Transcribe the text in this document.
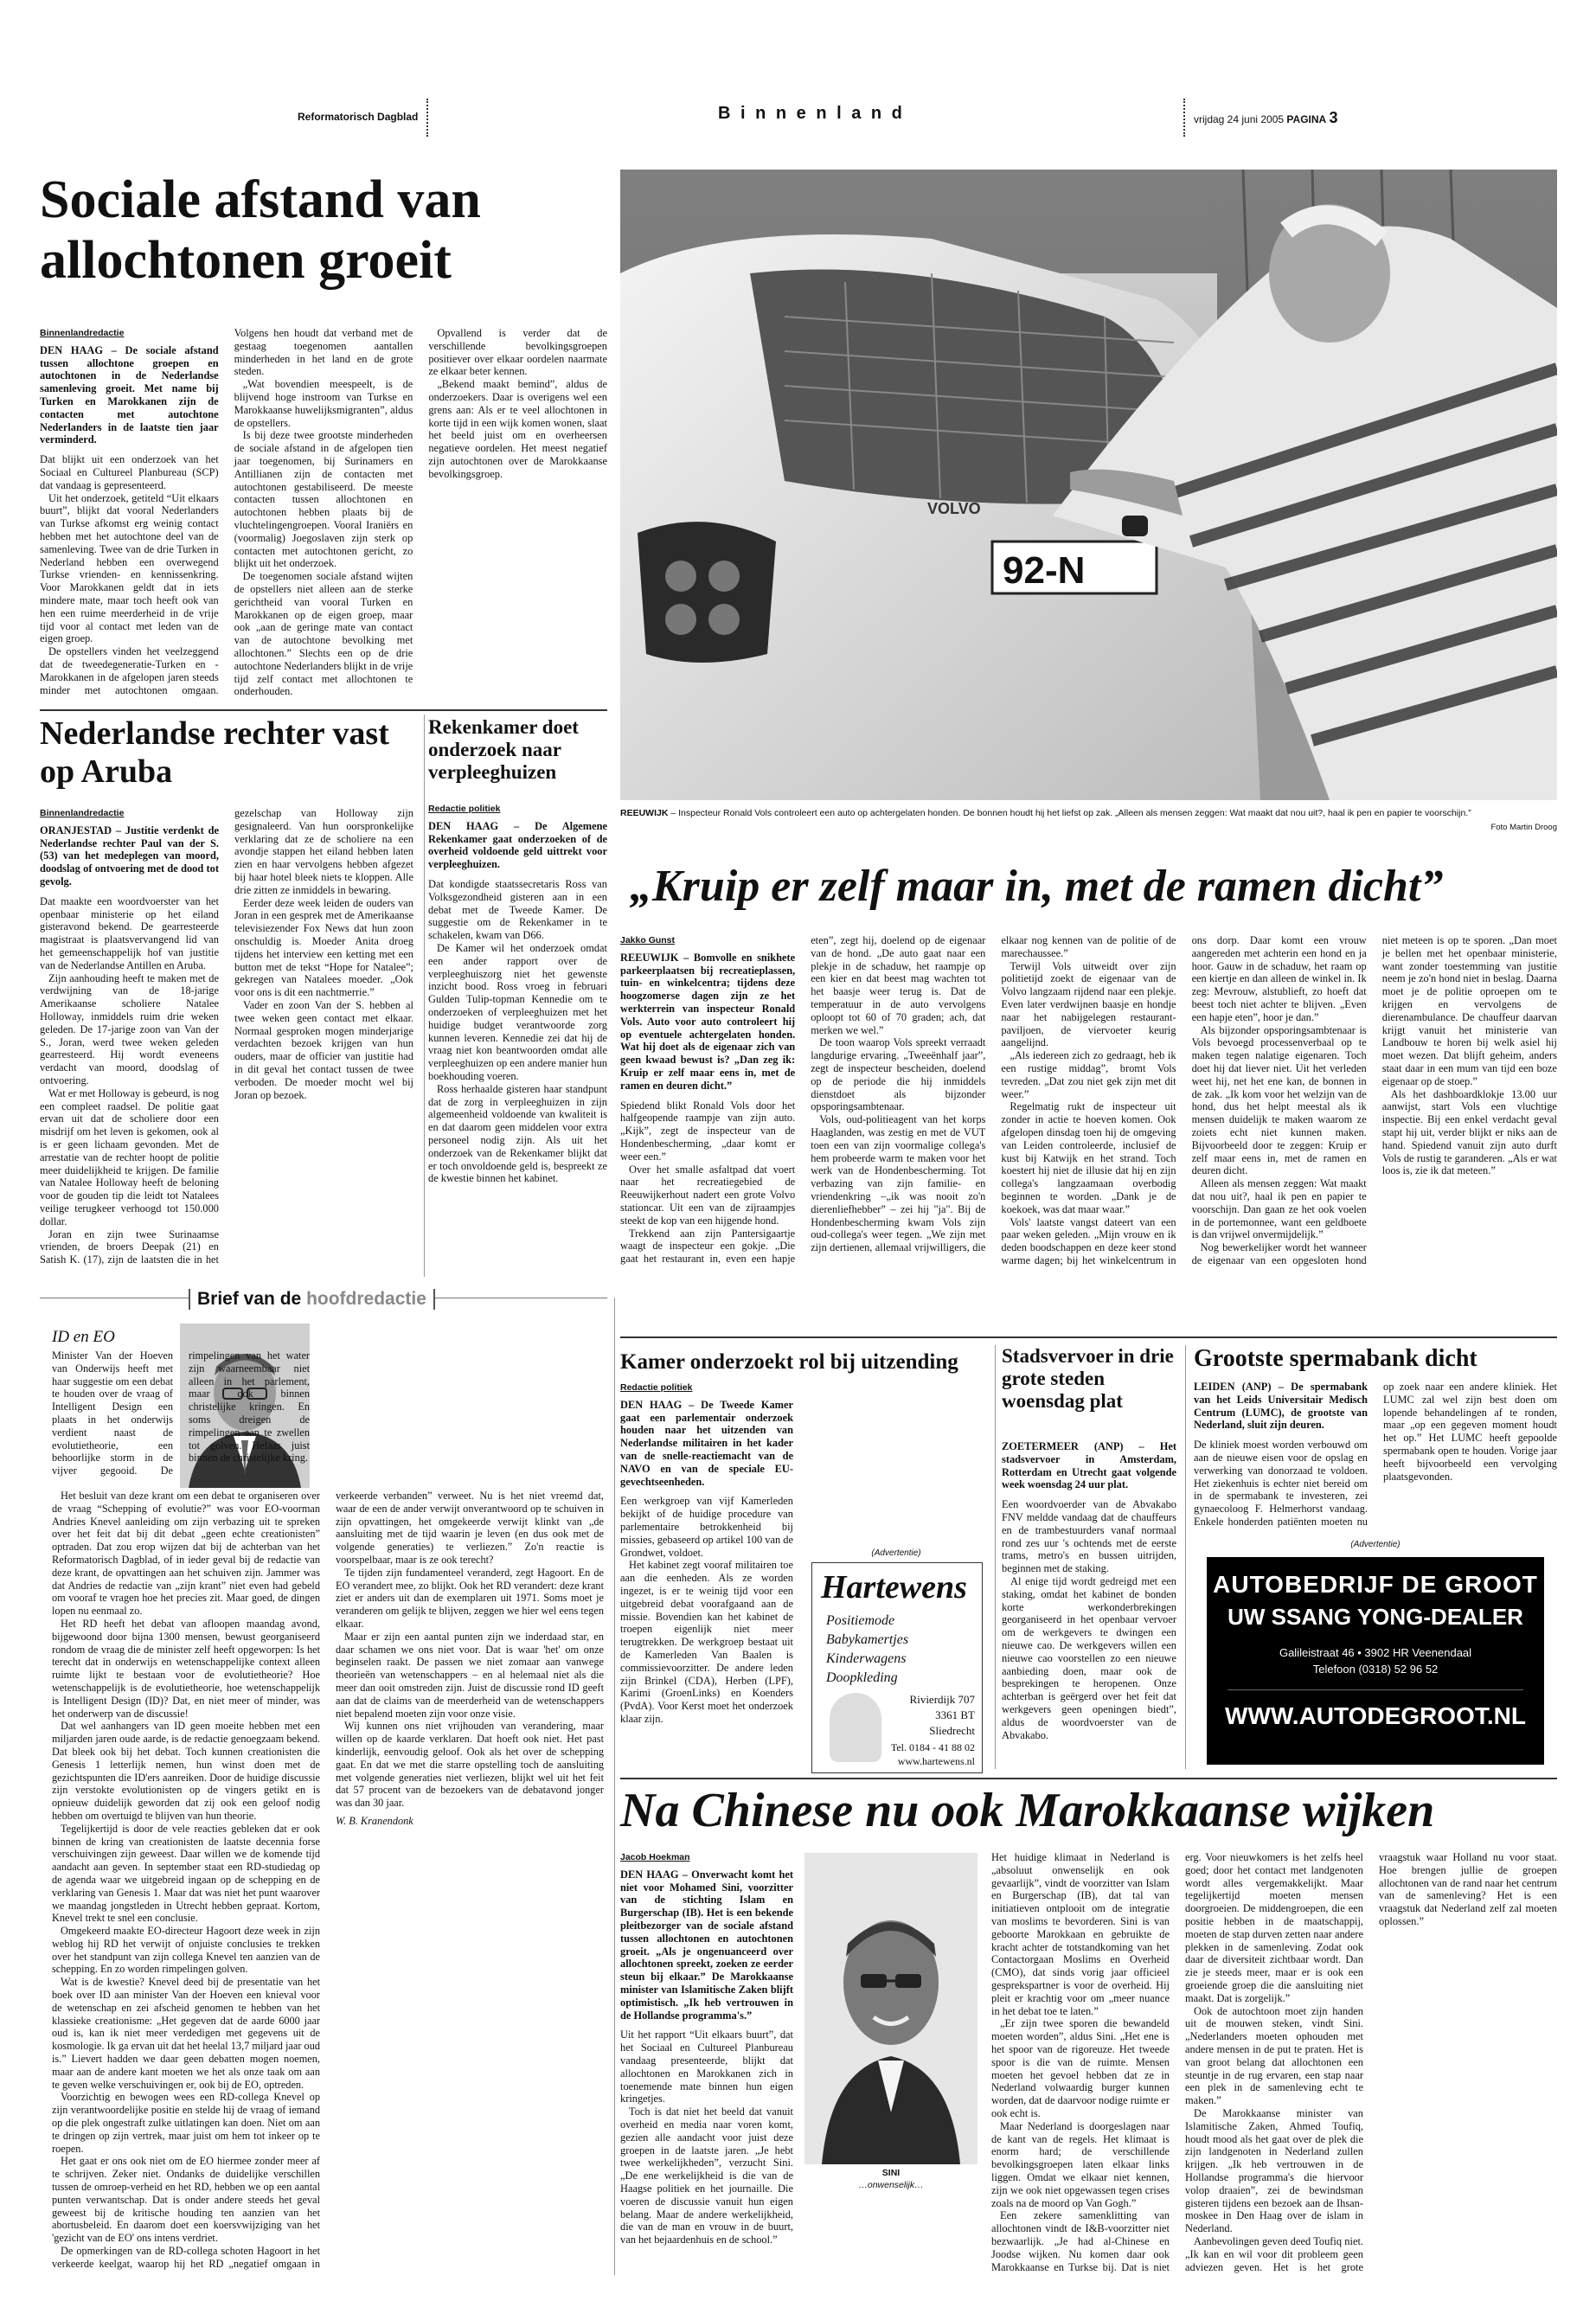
Reformatorisch Dagblad	B i n n e n l a n d	vrijdag 24 juni 2005 PAGINA 3
Sociale afstand van allochtonen groeit
Binnenlandredactie

DEN HAAG – De sociale afstand tussen allochtone groepen en autochtonen in de Nederlandse samenleving groeit. Met name bij Turken en Marokkanen zijn de contacten met autochtone Nederlanders in de laatste tien jaar verminderd.

Dat blijkt uit een onderzoek van het Sociaal en Cultureel Planbureau (SCP) dat vandaag is gepresenteerd.

Uit het onderzoek, getiteld “Uit elkaars buurt”, blijkt dat vooral Nederlanders van Turkse afkomst erg weinig contact hebben met het autochtone deel van de samenleving. Twee van de drie Turken in Nederland hebben een overwegend Turkse vrienden- en kennissenkring. Voor Marokkanen geldt dat in iets mindere mate, maar toch heeft ook van hen een ruime meerderheid in de vrije tijd voor al contact met leden van de eigen groep.

De opstellers vinden het veelzeggend dat de tweedegeneratie-Turken en -Marokkanen in de afgelopen jaren steeds minder met autochtonen omgaan. Volgens hen houdt dat verband met de gestaag toegenomen aantallen minderheden in het land en de grote steden.

„Wat bovendien meespeelt, is de blijvend hoge instroom van Turkse en Marokkaanse huwelijksmigranten”, aldus de opstellers.

Is bij deze twee grootste minderheden de sociale afstand in de afgelopen tien jaar toegenomen, bij Surinamers en Antillianen zijn de contacten met autochtonen gestabiliseerd. De meeste contacten tussen allochtonen en autochtonen hebben plaats bij de vluchtelingengroepen. Vooral Iraniërs en (voormalig) Joegoslaven zijn sterk op contacten met autochtonen gericht, zo blijkt uit het onderzoek.

De toegenomen sociale afstand wijten de opstellers niet alleen aan de sterke gerichtheid van vooral Turken en Marokkanen op de eigen groep, maar ook „aan de geringe mate van contact van de autochtone bevolking met allochtonen.” Slechts een op de drie autochtone Nederlanders blijkt in de vrije tijd zelf contact met allochtonen te onderhouden.

Opvallend is verder dat de verschillende bevolkingsgroepen positiever over elkaar oordelen naarmate ze elkaar beter kennen.

„Bekend maakt bemind”, aldus de onderzoekers. Daar is overigens wel een grens aan: Als er te veel allochtonen in korte tijd in een wijk komen wonen, slaat het beeld juist om en overheersen negatieve oordelen. Het meest negatief zijn autochtonen over de Marokkaanse bevolkingsgroep.

92-N
VOLVO
REEUWIJK – Inspecteur Ronald Vols controleert een auto op achtergelaten honden. De bonnen houdt hij het liefst op zak. „Alleen als mensen zeggen: Wat maakt dat nou uit?, haal ik pen en papier te voorschijn.”
Foto Martin Droog
Nederlandse rechter vast op Aruba
Binnenlandredactie

ORANJESTAD – Justitie verdenkt de Nederlandse rechter Paul van der S. (53) van het medeplegen van moord, doodslag of ontvoering met de dood tot gevolg.

Dat maakte een woordvoerster van het openbaar ministerie op het eiland gisteravond bekend. De gearresteerde magistraat is plaatsvervangend lid van het gemeenschappelijk hof van justitie van de Nederlandse Antillen en Aruba.

Zijn aanhouding heeft te maken met de verdwijning van de 18-jarige Amerikaanse scholiere Natalee Holloway, inmiddels ruim drie weken geleden. De 17-jarige zoon van Van der S., Joran, werd twee weken geleden gearresteerd. Hij wordt eveneens verdacht van moord, doodslag of ontvoering.

Wat er met Holloway is gebeurd, is nog een compleet raadsel. De politie gaat ervan uit dat de scholiere door een misdrijf om het leven is gekomen, ook al is er geen lichaam gevonden. Met de arrestatie van de rechter hoopt de politie meer duidelijkheid te krijgen. De familie van Natalee Holloway heeft de beloning voor de gouden tip die leidt tot Natalees veilige terugkeer verhoogd tot 150.000 dollar.

Joran en zijn twee Surinaamse vrienden, de broers Deepak (21) en Satish K. (17), zijn de laatsten die in het gezelschap van Holloway zijn gesignaleerd. Van hun oorspronkelijke verklaring dat ze de scholiere na een avondje stappen het eiland hebben laten zien en haar vervolgens hebben afgezet bij haar hotel bleek niets te kloppen. Alle drie zitten ze inmiddels in bewaring.

Eerder deze week leiden de ouders van Joran in een gesprek met de Amerikaanse televisiezender Fox News dat hun zoon onschuldig is. Moeder Anita droeg tijdens het interview een ketting met een button met de tekst “Hope for Natalee”; gekregen van Natalees moeder. „Ook voor ons is dit een nachtmerrie.”

Vader en zoon Van der S. hebben al twee weken geen contact met elkaar. Normaal gesproken mogen minderjarige verdachten bezoek krijgen van hun ouders, maar de officier van justitie had in dit geval het contact tussen de twee verboden. De moeder mocht wel bij Joran op bezoek.

Rekenkamer doet onderzoek naar verpleeghuizen
Redactie politiek

DEN HAAG – De Algemene Rekenkamer gaat onderzoeken of de overheid voldoende geld uittrekt voor verpleeghuizen.

Dat kondigde staatssecretaris Ross van Volksgezondheid gisteren aan in een debat met de Tweede Kamer. De suggestie om de Rekenkamer in te schakelen, kwam van D66.

De Kamer wil het onderzoek omdat een ander rapport over de verpleeghuiszorg niet het gewenste inzicht bood. Ross vroeg in februari Gulden Tulip-topman Kennedie om te onderzoeken of verpleeghuizen met het huidige budget verantwoorde zorg kunnen leveren. Kennedie zei dat hij de vraag niet kon beantwoorden omdat alle verpleeghuizen op een andere manier hun boekhouding voeren.

Ross herhaalde gisteren haar standpunt dat de zorg in verpleeghuizen in zijn algemeenheid voldoende van kwaliteit is en dat daarom geen middelen voor extra personeel nodig zijn. Als uit het onderzoek van de Rekenkamer blijkt dat er toch onvoldoende geld is, bespreekt ze de kwestie binnen het kabinet.

„Kruip er zelf maar in, met de ramen dicht”
Jakko Gunst

REEUWIJK – Bomvolle en snikhete parkeerplaatsen bij recreatieplassen, tuin- en winkelcentra; tijdens deze hoogzomerse dagen zijn ze het werkterrein van inspecteur Ronald Vols. Auto voor auto controleert hij op eventuele achtergelaten honden. Wat hij doet als de eigenaar zich van geen kwaad bewust is? „Dan zeg ik: Kruip er zelf maar eens in, met de ramen en deuren dicht.”

Spiedend blikt Ronald Vols door het halfgeopende raampje van zijn auto. „Kijk”, zegt de inspecteur van de Hondenbescherming, „daar komt er weer een.”

Over het smalle asfaltpad dat voert naar het recreatiegebied de Reeuwijkerhout nadert een grote Volvo stationcar. Uit een van de zijraampjes steekt de kop van een hijgende hond.

Trekkend aan zijn Pantersigaartje waagt de inspecteur een gokje. „Die gaat het restaurant in, even een hapje eten”, zegt hij, doelend op de eigenaar van de hond. „De auto gaat naar een plekje in de schaduw, het raampje op een kier en dat beest mag wachten tot het baasje weer terug is. Dat de temperatuur in de auto vervolgens oploopt tot 60 of 70 graden; ach, dat merken we wel.”

De toon waarop Vols spreekt verraadt langdurige ervaring. „Tweeënhalf jaar”, zegt de inspecteur bescheiden, doelend op de periode die hij inmiddels dienstdoet als bijzonder opsporingsambtenaar.

Vols, oud-politieagent van het korps Haaglanden, was zestig en met de VUT toen een van zijn voormalige collega's hem probeerde warm te maken voor het werk van de Hondenbescherming. Tot verbazing van zijn familie- en vriendenkring –„ik was nooit zo'n dierenliefhebber” – zei hij "ja". Bij de Hondenbescherming kwam Vols zijn oud-collega's weer tegen. „We zijn met zijn dertienen, allemaal vrijwilligers, die elkaar nog kennen van de politie of de marechaussee.”

Terwijl Vols uitweidt over zijn politietijd zoekt de eigenaar van de Volvo langzaam rijdend naar een plekje. Even later verdwijnen baasje en hondje naar het nabijgelegen restaurant-paviljoen, de viervoeter keurig aangelijnd.

„Als iedereen zich zo gedraagt, heb ik een rustige middag”, bromt Vols tevreden. „Dat zou niet gek zijn met dit weer.”

Regelmatig rukt de inspecteur uit zonder in actie te hoeven komen. Ook afgelopen dinsdag toen hij de omgeving van Leiden controleerde, inclusief de kust bij Katwijk en het strand. Toch koestert hij niet de illusie dat hij en zijn collega's langzaamaan overbodig beginnen te worden. „Dank je de koekoek, was dat maar waar.”

Vols' laatste vangst dateert van een paar weken geleden. „Mijn vrouw en ik deden boodschappen en deze keer stond warme dagen; bij het winkelcentrum in ons dorp. Daar komt een vrouw aangereden met achterin een hond en ja hoor. Gauw in de schaduw, het raam op een kiertje en dan alleen de winkel in. Ik zeg: Mevrouw, alstublieft, zo hoeft dat beest toch niet achter te blijven. „Even een hapje eten”, hoor je dan.”

Als bijzonder opsporingsambtenaar is Vols bevoegd processenverbaal op te maken tegen nalatige eigenaren. Toch doet hij dat liever niet. Uit het verleden weet hij, net het ene kan, de bonnen in de zak. „Ik kom voor het welzijn van de hond, dus het helpt meestal als ik mensen duidelijk te maken waarom ze zoiets echt niet kunnen maken. Bijvoorbeeld door te zeggen: Kruip er zelf maar eens in, met de ramen en deuren dicht.

Alleen als mensen zeggen: Wat maakt dat nou uit?, haal ik pen en papier te voorschijn. Dan gaan ze het ook voelen in de portemonnee, want een geldboete is dan vrijwel onvermijdelijk.”

Nog bewerkelijker wordt het wanneer de eigenaar van een opgesloten hond niet meteen is op te sporen. „Dan moet je bellen met het openbaar ministerie, want zonder toestemming van justitie neem je zo'n hond niet in beslag. Daarna moet je de politie oproepen om te krijgen en vervolgens de dierenambulance. De chauffeur daarvan krijgt vanuit het ministerie van Landbouw te horen bij welk asiel hij moet wezen. Dat blijft geheim, anders staat daar in een mum van tijd een boze eigenaar op de stoep.”

Als het dashboardklokje 13.00 uur aanwijst, start Vols een vluchtige inspectie. Bij een enkel verdacht geval stapt hij uit, verder blijkt er niks aan de hand. Spiedend vanuit zijn auto durft Vols de rustig te garanderen. „Als er wat loos is, zie ik dat meteen.”

Brief van de hoofdredactie
ID en EO

Minister Van der Hoeven van Onderwijs heeft met haar suggestie om een debat te houden over de vraag of Intelligent Design een plaats in het onderwijs verdient naast de evolutietheorie, een behoorlijke storm in de vijver gegooid. De rimpelingen van het water zijn waarneembaar niet alleen in het parlement, maar ook binnen christelijke kringen. En soms dreigen de rimpelingen aan te zwellen tot golven. Helaas juist binnen de christelijke kring.

Het besluit van deze krant om een debat te organiseren over de vraag “Schepping of evolutie?” was voor EO-voorman Andries Knevel aanleiding om zijn verbazing uit te spreken over het feit dat bij dit debat „geen echte creationisten” optraden. Dat zou erop wijzen dat bij de achterban van het Reformatorisch Dagblad, of in ieder geval bij de redactie van deze krant, de opvattingen aan het schuiven zijn. Jammer was dat Andries de redactie van „zijn krant” niet even had gebeld om vooraf te vragen hoe het precies zit. Maar goed, de dingen lopen nu eenmaal zo.

Het RD heeft het debat van afloopen maandag avond, bijgewoond door bijna 1300 mensen, bewust georganiseerd rondom de vraag die de minister zelf heeft opgeworpen: Is het terecht dat in onderwijs en wetenschappelijke context alleen ruimte lijkt te bestaan voor de evolutietheorie? Hoe wetenschappelijk is de evolutietheorie, hoe wetenschappelijk is Intelligent Design (ID)? Dat, en niet meer of minder, was het onderwerp van de discussie!

Dat wel aanhangers van ID geen moeite hebben met een miljarden jaren oude aarde, is de redactie genoegzaam bekend. Dat bleek ook bij het debat. Toch kunnen creationisten die Genesis 1 letterlijk nemen, hun winst doen met de gezichtspunten die ID'ers aanreiken. Door de huidige discussie zijn verstokte evolutionisten op de vingers getikt en is opnieuw duidelijk geworden dat zij ook een geloof nodig hebben om overtuigd te blijven van hun theorie.

Tegelijkertijd is door de vele reacties gebleken dat er ook binnen de kring van creationisten de laatste decennia forse verschuivingen zijn geweest. Daar willen we de komende tijd aandacht aan geven. In september staat een RD-studiedag op de agenda waar we uitgebreid ingaan op de schepping en de verklaring van Genesis 1. Maar dat was niet het punt waarover we maandag jongstleden in Utrecht hebben gepraat. Kortom, Knevel trekt te snel een conclusie.

Omgekeerd maakte EO-directeur Hagoort deze week in zijn weblog hij RD het verwijt of onjuiste conclusies te trekken over het standpunt van zijn collega Knevel ten aanzien van de schepping. En zo worden rimpelingen golven.

Wat is de kwestie? Knevel deed bij de presentatie van het boek over ID aan minister Van der Hoeven een knieval voor de wetenschap en zei afscheid genomen te hebben van het klassieke creationisme: „Het gegeven dat de aarde 6000 jaar oud is, kan ik niet meer verdedigen met gegevens uit de kosmologie. Ik ga ervan uit dat het heelal 13,7 miljard jaar oud is.” Lievert hadden we daar geen debatten mogen noemen, maar aan de andere kant moeten we het als onze taak om aan te geven welke verschuivingen er, ook bij de EO, optreden.

Voorzichtig en bewogen wees een RD-collega Knevel op zijn verantwoordelijke positie en stelde hij de vraag of iemand op die plek ongestraft zulke uitlatingen kan doen. Niet om aan te dringen op zijn vertrek, maar juist om hem tot inkeer op te roepen.

Het gaat er ons ook niet om de EO hiermee zonder meer af te schrijven. Zeker niet. Ondanks de duidelijke verschillen tussen de omroep-verheid en het RD, hebben we op een aantal punten verwantschap. Dat is onder andere steeds het geval geweest bij de kritische houding ten aanzien van het abortusbeleid. En daarom doet een koersvwijziging van het 'gezicht van de EO' ons intens verdriet.

De opmerkingen van de RD-collega schoten Hagoort in het verkeerde keelgat, waarop hij het RD „negatief omgaan in verkeerde verbanden” verweet. Nu is het niet vreemd dat, waar de een de ander verwijt onverantwoord op te schuiven in zijn opvattingen, het omgekeerde verwijt klinkt van „de aansluiting met de tijd waarin je leven (en dus ook met de volgende generaties) te verliezen.” Zo'n reactie is voorspelbaar, maar is ze ook terecht?

Te tijden zijn fundamenteel veranderd, zegt Hagoort. En de EO verandert mee, zo blijkt. Ook het RD verandert: deze krant ziet er anders uit dan de exemplaren uit 1971. Soms moet je veranderen om gelijk te blijven, zeggen we hier wel eens tegen elkaar.

Maar er zijn een aantal punten zijn we inderdaad star, en daar schamen we ons niet voor. Dat is waar 'het' om onze beginselen raakt. De passen we niet zomaar aan vanwege theorieën van wetenschappers – en al helemaal niet als die meer dan ooit omstreden zijn. Juist de discussie rond ID geeft aan dat de claims van de meerderheid van de wetenschappers niet bepalend moeten zijn voor onze visie.

Wij kunnen ons niet vrijhouden van verandering, maar willen op de kaarde verklaren. Dat hoeft ook niet. Het past kinderlijk, eenvoudig geloof. Ook als het over de schepping gaat. En dat we met die starre opstelling toch de aansluiting met volgende generaties niet verliezen, blijkt wel uit het feit dat 57 procent van de bezoekers van de debatavond jonger was dan 30 jaar.

W. B. Kranendonk

Kamer onderzoekt rol bij uitzending
Redactie politiek

DEN HAAG – De Tweede Kamer gaat een parlementair onderzoek houden naar het uitzenden van Nederlandse militairen in het kader van de snelle-reactiemacht van de NAVO en van de speciale EU-gevechtseenheden.

Een werkgroep van vijf Kamerleden bekijkt of de huidige procedure van parlementaire betrokkenheid bij missies, gebaseerd op artikel 100 van de Grondwet, voldoet.

Het kabinet zegt vooraf militairen toe aan die eenheden. Als ze worden ingezet, is er te weinig tijd voor een uitgebreid debat voorafgaand aan de missie. Bovendien kan het kabinet de troepen eigenlijk niet meer terugtrekken. De werkgroep bestaat uit de Kamerleden Van Baalen is commissievoorzitter. De andere leden zijn Brinkel (CDA), Herben (LPF), Karimi (GroenLinks) en Koenders (PvdA). Voor Kerst moet het onderzoek klaar zijn.

(Advertentie)
Hartewens
Positiemode
Babykamertjes
Kinderwagens
Doopkleding
Rivierdijk 707
3361 BT
Sliedrecht
Tel. 0184 - 41 88 02
www.hartewens.nl
Stadsvervoer in drie grote steden woensdag plat

ZOETERMEER (ANP) – Het stadsvervoer in Amsterdam, Rotterdam en Utrecht gaat volgende week woensdag 24 uur plat.

Een woordvoerder van de Abvakabo FNV meldde vandaag dat de chauffeurs en de trambestuurders vanaf normaal rond zes uur 's ochtends met de eerste trams, metro's en bussen uitrijden, beginnen met de staking.

Al enige tijd wordt gedreigd met een staking, omdat het kabinet de bonden korte werkonderbrekingen georganiseerd in het openbaar vervoer om de werkgevers te dwingen een nieuwe cao. De werkgevers willen een nieuwe cao voorstellen zo een nieuwe aanbieding doen, maar ook de besprekingen te heropenen. Onze achterban is geërgerd over het feit dat werkgevers geen openingen biedt”, aldus de woordvoerster van de Abvakabo.

Grootste spermabank dicht

LEIDEN (ANP) – De spermabank van het Leids Universitair Medisch Centrum (LUMC), de grootste van Nederland, sluit zijn deuren.

De kliniek moest worden verbouwd om aan de nieuwe eisen voor de opslag en verwerking van donorzaad te voldoen. Het ziekenhuis is echter niet bereid om in de spermabank te investeren, zei gynaecoloog F. Helmerhorst vandaag. Enkele honderden patiënten moeten nu op zoek naar een andere kliniek. Het LUMC zal wel zijn best doen om lopende behandelingen af te ronden, maar „op een gegeven moment houdt het op.” Het LUMC heeft gepoolde spermabank open te houden. Vorige jaar heeft bijvoorbeeld een vervolging plaatsgevonden.

(Advertentie)
AUTOBEDRIJF DE GROOT
UW SSANG YONG-DEALER
Galileistraat 46 • 3902 HR Veenendaal
Telefoon (0318) 52 96 52
WWW.AUTODEGROOT.NL
Na Chinese nu ook Marokkaanse wijken
Jacob Hoekman

DEN HAAG – Onverwacht komt het niet voor Mohamed Sini, voorzitter van de stichting Islam en Burgerschap (IB). Het is een bekende pleitbezorger van de sociale afstand tussen allochtonen en autochtonen groeit. „Als je ongenuanceerd over allochtonen spreekt, zoeken ze eerder steun bij elkaar.” De Marokkaanse minister van Islamitische Zaken blijft optimistisch. „Ik heb vertrouwen in de Hollandse programma's.”

Uit het rapport “Uit elkaars buurt”, dat het Sociaal en Cultureel Planbureau vandaag presenteerde, blijkt dat allochtonen en Marokkanen zich in toenemende mate binnen hun eigen kringetjes.

Toch is dat niet het beeld dat vanuit overheid en media naar voren komt, gezien alle aandacht voor juist deze groepen in de laatste jaren. „Je hebt twee werkelijkheden”, verzucht Sini. „De ene werkelijkheid is die van de Haagse politiek en het journaille. Die voeren de discussie vanuit hun eigen belang. Maar de andere werkelijkheid, die van de man en vrouw in de buurt, van het bejaardenhuis en de school.”

SINI
…onwenselijk…

Het huidige klimaat in Nederland is „absoluut onwenselijk en ook gevaarlijk”, vindt de voorzitter van Islam en Burgerschap (IB), dat tal van initiatieven ontplooit om de integratie van moslims te bevorderen. Sini is van geboorte Marokkaan en gebruikte de kracht achter de totstandkoming van het Contactorgaan Moslims en Overheid (CMO), dat sinds vorig jaar officieel gesprekspartner is voor de overheid. Hij pleit er krachtig voor om „meer nuance in het debat toe te laten.”

„Er zijn twee sporen die bewandeld moeten worden”, aldus Sini. „Het ene is het spoor van de rigoreuze. Het tweede spoor is die van de ruimte. Mensen moeten het gevoel hebben dat ze in Nederland volwaardig burger kunnen worden, dat de daarvoor nodige ruimte er ook echt is.

Maar Nederland is doorgeslagen naar de kant van de regels. Het klimaat is enorm hard; de verschillende bevolkingsgroepen laten elkaar links liggen. Omdat we elkaar niet kennen, zijn we ook niet opgewassen tegen crises zoals na de moord op Van Gogh.”

Een zekere samenklitting van allochtonen vindt de I&B-voorzitter niet bezwaarlijk. „Je had al-Chinese en Joodse wijken. Nu komen daar ook Marokkaanse en Turkse bij. Dat is niet erg. Voor nieuwkomers is het zelfs heel goed; door het contact met landgenoten wordt alles vergemakkelijkt. Maar tegelijkertijd moeten mensen doorgroeien. De middengroepen, die een positie hebben in de maatschappij, moeten de stap durven zetten naar andere plekken in de samenleving. Zodat ook daar de diversiteit zichtbaar wordt. Dan zie je steeds meer, maar er is ook een groeiende groep die die aansluiting niet maakt. Dat is zorgelijk.”

Ook de autochtoon moet zijn handen uit de mouwen steken, vindt Sini. „Nederlanders moeten ophouden met andere mensen in de put te praten. Het is van groot belang dat allochtonen een steuntje in de rug ervaren, een stap naar een plek in de samenleving echt te maken.”

De Marokkaanse minister van Islamitische Zaken, Ahmed Toufiq, houdt mood als het gaat over de plek die zijn landgenoten in Nederland zullen krijgen. „Ik heb vertrouwen in de Hollandse programma's die hiervoor volop draaien”, zei de bewindsman gisteren tijdens een bezoek aan de Ihsan-moskee in Den Haag over de islam in Nederland.

Aanbevolingen geven deed Toufiq niet. „Ik kan en wil voor dit probleem geen adviezen geven. Het is het grote vraagstuk waar Holland nu voor staat. Hoe brengen jullie de groepen allochtonen van de rand naar het centrum van de samenleving? Het is een vraagstuk dat Nederland zelf zal moeten oplossen.”
